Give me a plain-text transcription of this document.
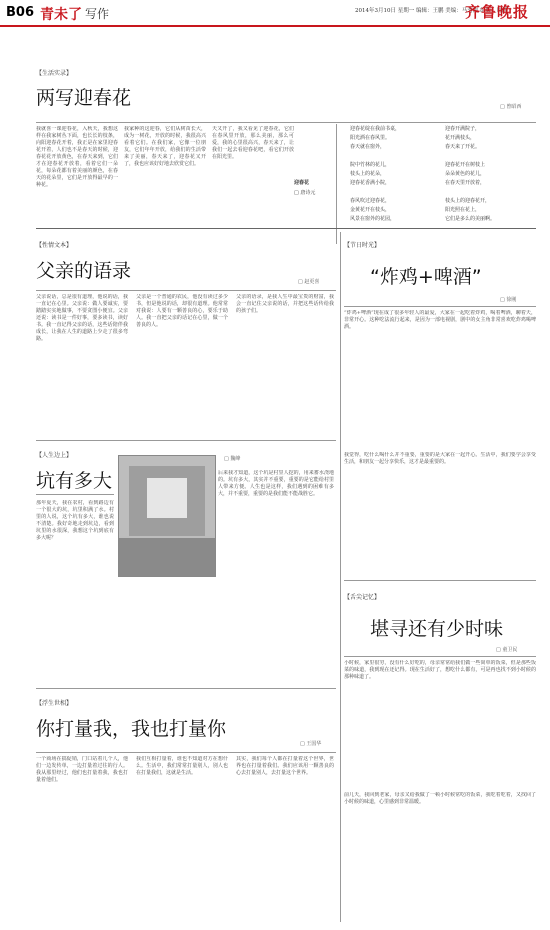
B06 青未了 写作	2014年3月10日 星期一 编辑：王鹏 美编：马秀霞 组版：周静
齐鲁晚报
【生活实录】
两写迎春花	□ 曾昭西
我就喜一课迎春花，入秋天，我想这样在我家树丛下面，也长长的枝条，向阳迎春花开着，我正是在家里迎春花开着，人们也不是春天的时候，迎春花花开放黄色，在春天来到，它们才在迎春花开放着，看着它们一朵花，每朵花都有着美丽的颜色，在春天的花朵里，它们是开放得最早的一种花。
我家种的这迎春，它们从树苗长大，成为一树花，开放的时候，我很高兴看着它们。在我们家，它像一位朋友，它们年年开放，给我们的生活带来了美丽，春天来了，迎春花又开了，我也应该好好地去欣赏它们。
天又开了，我又看见了迎春花，它们在春风里开放，那么美丽，那么可爱，我的心里很高兴，春天来了，让我们一起去看迎春花吧，看它们开放在阳光里。
迎春花
□ 唐诗元
迎春花绽在我前书桌，
阳光洒在春风里。
春天就在窗外，
院中竹林的花儿，
枝头上的花朵，
迎春花香满小院，
春风吹过迎春花，
金黄花开在枝头，
风景在窗外的花园，
迎春开满院子，
花开满枝头，
春天来了开花。
迎春花开在树枝上
朵朵黄色的花儿，
在春天里开放着，
枝头上的迎春花开，
阳光照在花上，
它们是多么的美丽啊。
【性情文本】
父亲的语录	□ 赵更喜
父亲说话，总是很有道理，他说的话，我一直记在心里。父亲说：做人要诚实，要踏踏实实地做事，不要贪图小便宜。父亲还说：读书是一件好事，要多读书，读好书。我一直记得父亲的话，这些话陪伴我成长，让我在人生的道路上少走了很多弯路。
父亲是一个普通的农民，他没有读过多少书，但是他说的话，却很有道理。他常常对我说：人要有一颗善良的心，要乐于助人。我一直把父亲的话记在心里，做一个善良的人。
父亲的语录，是我人生中最宝贵的财富，我会一直记住父亲说的话，并把这些话传给我的孩子们。
【人生边上】
坑有多大
□ 魏峰
那年夏天，我在农村，看到路边有一个很大的坑，坑里积满了水。村里的人说，这个坑有多大，谁也说不清楚。我好奇地走到坑边，看到坑里的水很深，我想这个坑到底有多大呢？
后来我才知道，这个坑是村里人挖的，用来蓄水浇地的。坑有多大，其实并不重要，重要的是它能给村里人带来方便。人生也是这样，我们遇到的困难有多大，并不重要，重要的是我们能不能战胜它。
【浮生世相】
你打量我，我也打量你
□ 王国华
一个商场在搞促销，门口站着几个人，他们一边发传单，一边打量着过往的行人。我从那里经过，他们也打量着我，我也打量着他们。
我们互相打量着，谁也不知道对方在想什么。生活中，我们常常打量别人，别人也在打量我们，这就是生活。
其实，我们每个人都在打量着这个世界，世界也在打量着我们。我们应该用一颗善良的心去打量别人，去打量这个世界。
【节日时光】
“炸鸡+啤酒”
□ 徐刚
“炸鸡+啤酒”现在成了很多年轻人的最爱，大家在一起吃着炸鸡，喝着啤酒，聊着天，非常开心。这种吃法流行起来，是因为一部电视剧，剧中的女主角非常喜欢吃炸鸡喝啤酒。
我觉得，吃什么喝什么并不重要，重要的是大家在一起开心。生活中，我们要学会享受生活，和朋友一起分享快乐，这才是最重要的。
【舌尖记忆】
堪寻还有少时味
□ 童卫民
小时候，家里很穷，没有什么好吃的，母亲常常给我们做一些简单的饭菜，但是那些饭菜的味道，我到现在还记得。现在生活好了，想吃什么都有，可是再也找不到小时候的那种味道了。
前几天，我回到老家，母亲又给我做了一顿小时候常吃的饭菜，我吃着吃着，又找回了小时候的味道，心里感到非常温暖。
